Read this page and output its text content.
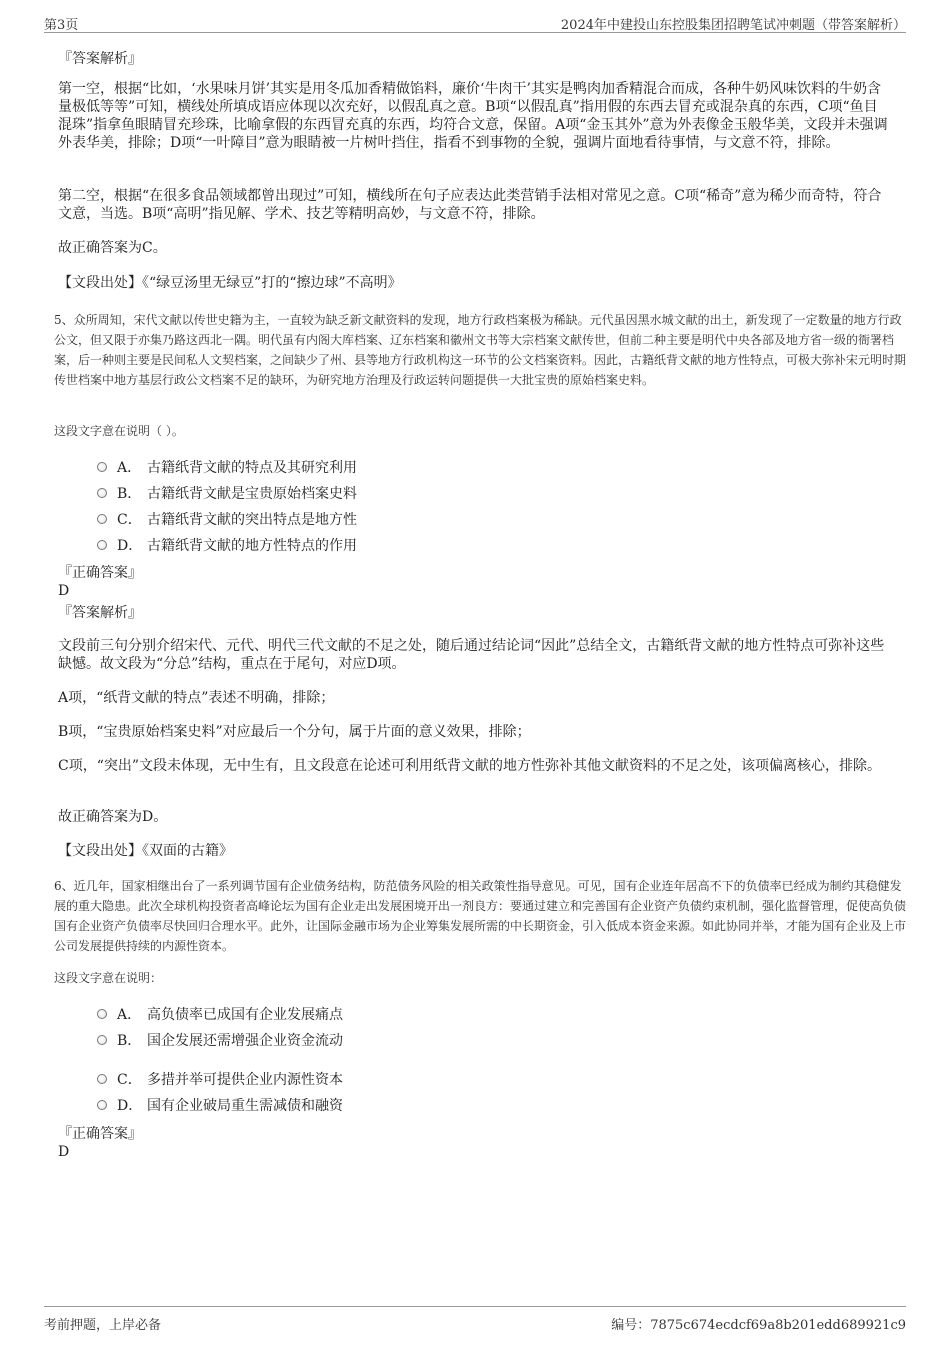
第3页	2024年中建投山东控股集团招聘笔试冲刺题（带答案解析）
『答案解析』
第一空，根据“比如，‘水果味月饼’其实是用冬瓜加香精做馅料，廉价‘牛肉干’其实是鸭肉加香精混合而成，各种牛奶风味饮料的牛奶含量极低等等”可知，横线处所填成语应体现以次充好，以假乱真之意。B项“以假乱真”指用假的东西去冒充或混杂真的东西，C项“鱼目混珠”指拿鱼眼睛冒充珍珠，比喻拿假的东西冒充真的东西，均符合文意，保留。A项“金玉其外”意为外表像金玉般华美，文段并未强调外表华美，排除；D项“一叶障目”意为眼睛被一片树叶挡住，指看不到事物的全貌，强调片面地看待事情，与文意不符，排除。
第二空，根据“在很多食品领域都曾出现过”可知，横线所在句子应表达此类营销手法相对常见之意。C项“稀奇”意为稀少而奇特，符合文意，当选。B项“高明”指见解、学术、技艺等精明高妙，与文意不符，排除。
故正确答案为C。
【文段出处】《“绿豆汤里无绿豆”打的“擦边球”不高明》
5、众所周知，宋代文献以传世史籍为主，一直较为缺乏新文献资料的发现，地方行政档案极为稀缺。元代虽因黑水城文献的出土，新发现了一定数量的地方行政公文，但又限于亦集乃路这西北一隅。明代虽有内阁大库档案、辽东档案和徽州文书等大宗档案文献传世，但前二种主要是明代中央各部及地方省一级的衙署档案，后一种则主要是民间私人文契档案，之间缺少了州、县等地方行政机构这一环节的公文档案资料。因此，古籍纸背文献的地方性特点，可极大弥补宋元明时期传世档案中地方基层行政公文档案不足的缺环，为研究地方治理及行政运转问题提供一大批宝贵的原始档案史料。
这段文字意在说明（ ）。
A． 古籍纸背文献的特点及其研究利用
B． 古籍纸背文献是宝贵原始档案史料
C． 古籍纸背文献的突出特点是地方性
D． 古籍纸背文献的地方性特点的作用
『正确答案』
D
『答案解析』
文段前三句分别介绍宋代、元代、明代三代文献的不足之处，随后通过结论词“因此”总结全文，古籍纸背文献的地方性特点可弥补这些缺憾。故文段为“分总”结构，重点在于尾句，对应D项。
A项，“纸背文献的特点”表述不明确，排除；
B项，“宝贵原始档案史料”对应最后一个分句，属于片面的意义效果，排除；
C项，“突出”文段未体现，无中生有，且文段意在论述可利用纸背文献的地方性弥补其他文献资料的不足之处，该项偏离核心，排除。
故正确答案为D。
【文段出处】《双面的古籍》
6、近几年，国家相继出台了一系列调节国有企业债务结构，防范债务风险的相关政策性指导意见。可见，国有企业连年居高不下的负债率已经成为制约其稳健发展的重大隐患。此次全球机构投资者高峰论坛为国有企业走出发展困境开出一剂良方：要通过建立和完善国有企业资产负债约束机制，强化监督管理，促使高负债国有企业资产负债率尽快回归合理水平。此外，让国际金融市场为企业筹集发展所需的中长期资金，引入低成本资金来源。如此协同并举，才能为国有企业及上市公司发展提供持续的内源性资本。
这段文字意在说明：
A． 高负债率已成国有企业发展痛点
B． 国企发展还需增强企业资金流动
C． 多措并举可提供企业内源性资本
D． 国有企业破局重生需减债和融资
『正确答案』
D
考前押题，上岸必备	编号：7875c674ecdcf69a8b201edd689921c9
